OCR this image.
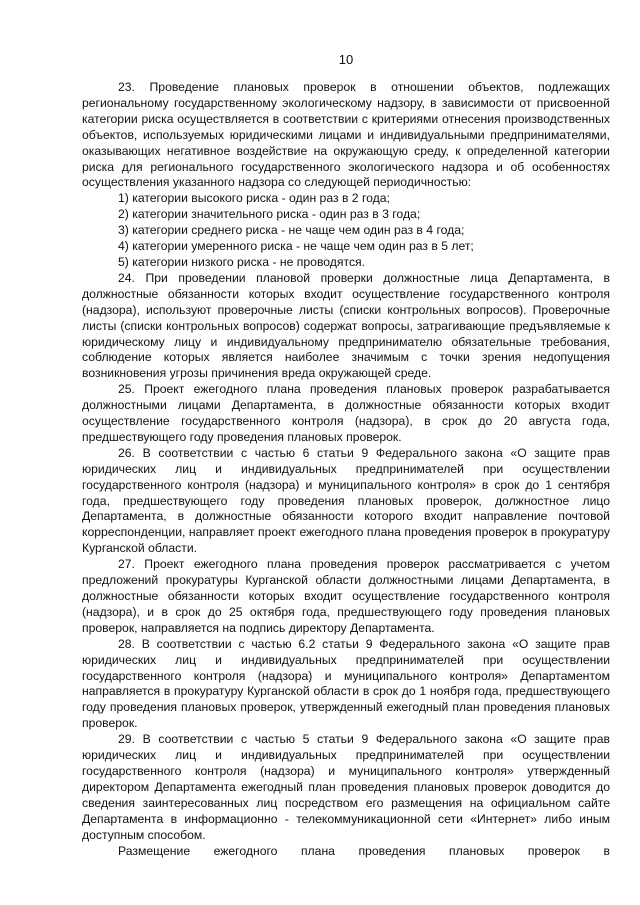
10

23. Проведение плановых проверок в отношении объектов, подлежащих региональному государственному экологическому надзору, в зависимости от присвоенной категории риска осуществляется в соответствии с критериями отнесения производственных объектов, используемых юридическими лицами и индивидуальными предпринимателями, оказывающих негативное воздействие на окружающую среду, к определенной категории риска для регионального государственного экологического надзора и об особенностях осуществления указанного надзора со следующей периодичностью:

1) категории высокого риска - один раз в 2 года;

2) категории значительного риска - один раз в 3 года;

3) категории среднего риска - не чаще чем один раз в 4 года;

4) категории умеренного риска - не чаще чем один раз в 5 лет;

5) категории низкого риска - не проводятся.

24. При проведении плановой проверки должностные лица Департамента, в должностные обязанности которых входит осуществление государственного контроля (надзора), используют проверочные листы (списки контрольных вопросов). Проверочные листы (списки контрольных вопросов) содержат вопросы, затрагивающие предъявляемые к юридическому лицу и индивидуальному предпринимателю обязательные требования, соблюдение которых является наиболее значимым с точки зрения недопущения возникновения угрозы причинения вреда окружающей среде.

25. Проект ежегодного плана проведения плановых проверок разрабатывается должностными лицами Департамента, в должностные обязанности которых входит осуществление государственного контроля (надзора), в срок до 20 августа года, предшествующего году проведения плановых проверок.

26. В соответствии с частью 6 статьи 9 Федерального закона «О защите прав юридических лиц и индивидуальных предпринимателей при осуществлении государственного контроля (надзора) и муниципального контроля» в срок до 1 сентября года, предшествующего году проведения плановых проверок, должностное лицо Департамента, в должностные обязанности которого входит направление почтовой корреспонденции, направляет проект ежегодного плана проведения проверок в прокуратуру Курганской области.

27. Проект ежегодного плана проведения проверок рассматривается с учетом предложений прокуратуры Курганской области должностными лицами Департамента, в должностные обязанности которых входит осуществление государственного контроля (надзора), и в срок до 25 октября года, предшествующего году проведения плановых проверок, направляется на подпись директору Департамента.

28. В соответствии с частью 6.2 статьи 9 Федерального закона «О защите прав юридических лиц и индивидуальных предпринимателей при осуществлении государственного контроля (надзора) и муниципального контроля» Департаментом направляется в прокуратуру Курганской области в срок до 1 ноября года, предшествующего году проведения плановых проверок, утвержденный ежегодный план проведения плановых проверок.

29. В соответствии с частью 5 статьи 9 Федерального закона «О защите прав юридических лиц и индивидуальных предпринимателей при осуществлении государственного контроля (надзора) и муниципального контроля» утвержденный директором Департамента ежегодный план проведения плановых проверок доводится до сведения заинтересованных лиц посредством его размещения на официальном сайте Департамента в информационно - телекоммуникационной сети «Интернет» либо иным доступным способом.

Размещение ежегодного плана проведения плановых проверок в
